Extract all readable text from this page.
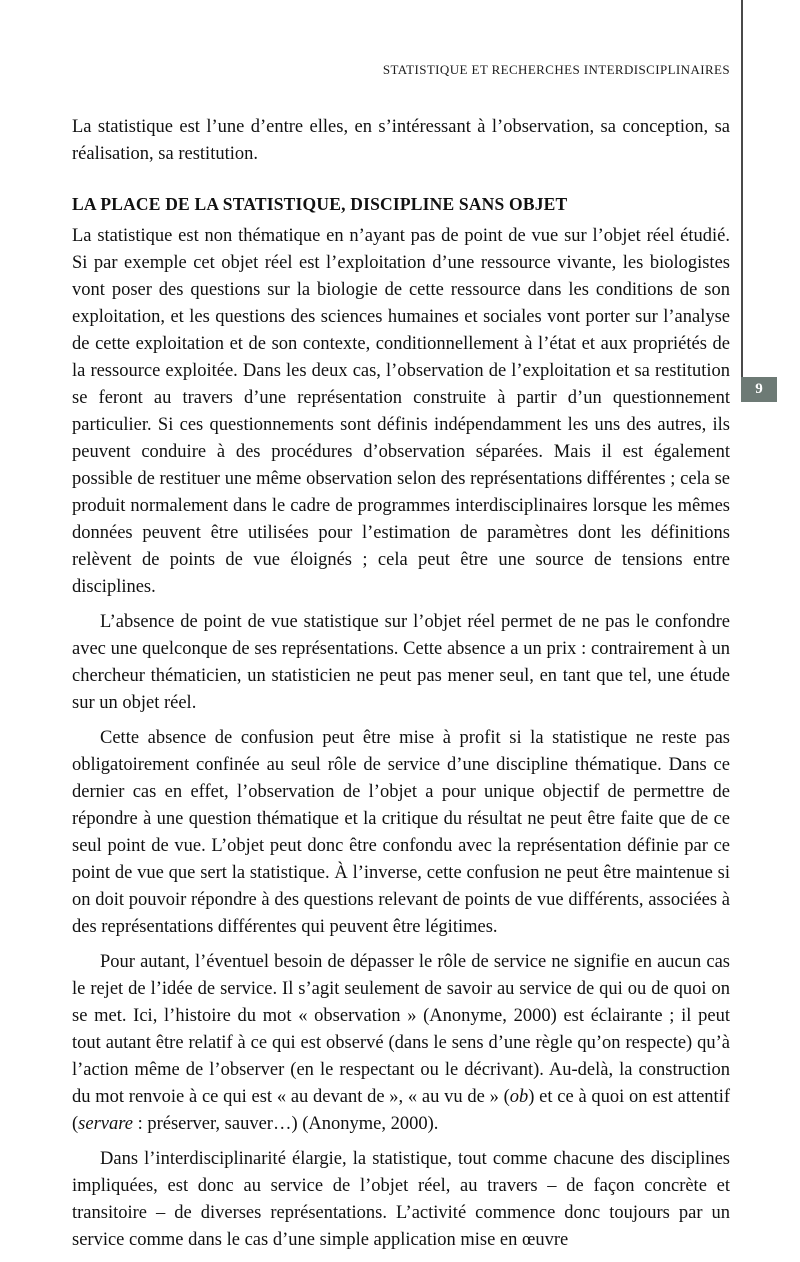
9
STATISTIQUE ET RECHERCHES INTERDISCIPLINAIRES

La statistique est l’une d’entre elles, en s’intéressant à l’observation, sa conception, sa réalisation, sa restitution.

LA PLACE DE LA STATISTIQUE, DISCIPLINE SANS OBJET

La statistique est non thématique en n’ayant pas de point de vue sur l’objet réel étudié. Si par exemple cet objet réel est l’exploitation d’une ressource vivante, les biologistes vont poser des questions sur la biologie de cette ressource dans les conditions de son exploitation, et les questions des sciences humaines et sociales vont porter sur l’analyse de cette exploitation et de son contexte, conditionnellement à l’état et aux propriétés de la ressource exploitée. Dans les deux cas, l’observation de l’exploitation et sa restitution se feront au travers d’une représentation construite à partir d’un questionnement particulier. Si ces questionnements sont définis indépendamment les uns des autres, ils peuvent conduire à des procédures d’observation séparées. Mais il est également possible de restituer une même observation selon des représentations différentes ; cela se produit normalement dans le cadre de programmes interdisciplinaires lorsque les mêmes données peuvent être utilisées pour l’estimation de paramètres dont les définitions relèvent de points de vue éloignés ; cela peut être une source de tensions entre disciplines.

L’absence de point de vue statistique sur l’objet réel permet de ne pas le confondre avec une quelconque de ses représentations. Cette absence a un prix : contrairement à un chercheur thématicien, un statisticien ne peut pas mener seul, en tant que tel, une étude sur un objet réel.

Cette absence de confusion peut être mise à profit si la statistique ne reste pas obligatoirement confinée au seul rôle de service d’une discipline thématique. Dans ce dernier cas en effet, l’observation de l’objet a pour unique objectif de permettre de répondre à une question thématique et la critique du résultat ne peut être faite que de ce seul point de vue. L’objet peut donc être confondu avec la représentation définie par ce point de vue que sert la statistique. À l’inverse, cette confusion ne peut être maintenue si on doit pouvoir répondre à des questions relevant de points de vue différents, associées à des représentations différentes qui peuvent être légitimes.

Pour autant, l’éventuel besoin de dépasser le rôle de service ne signifie en aucun cas le rejet de l’idée de service. Il s’agit seulement de savoir au service de qui ou de quoi on se met. Ici, l’histoire du mot « observation » (Anonyme, 2000) est éclairante ; il peut tout autant être relatif à ce qui est observé (dans le sens d’une règle qu’on respecte) qu’à l’action même de l’observer (en le respectant ou le décrivant). Au-delà, la construction du mot renvoie à ce qui est « au devant de », « au vu de » (ob) et ce à quoi on est attentif (servare : préserver, sauver…) (Anonyme, 2000).

Dans l’interdisciplinarité élargie, la statistique, tout comme chacune des disciplines impliquées, est donc au service de l’objet réel, au travers – de façon concrète et transitoire – de diverses représentations. L’activité commence donc toujours par un service comme dans le cas d’une simple application mise en œuvre
